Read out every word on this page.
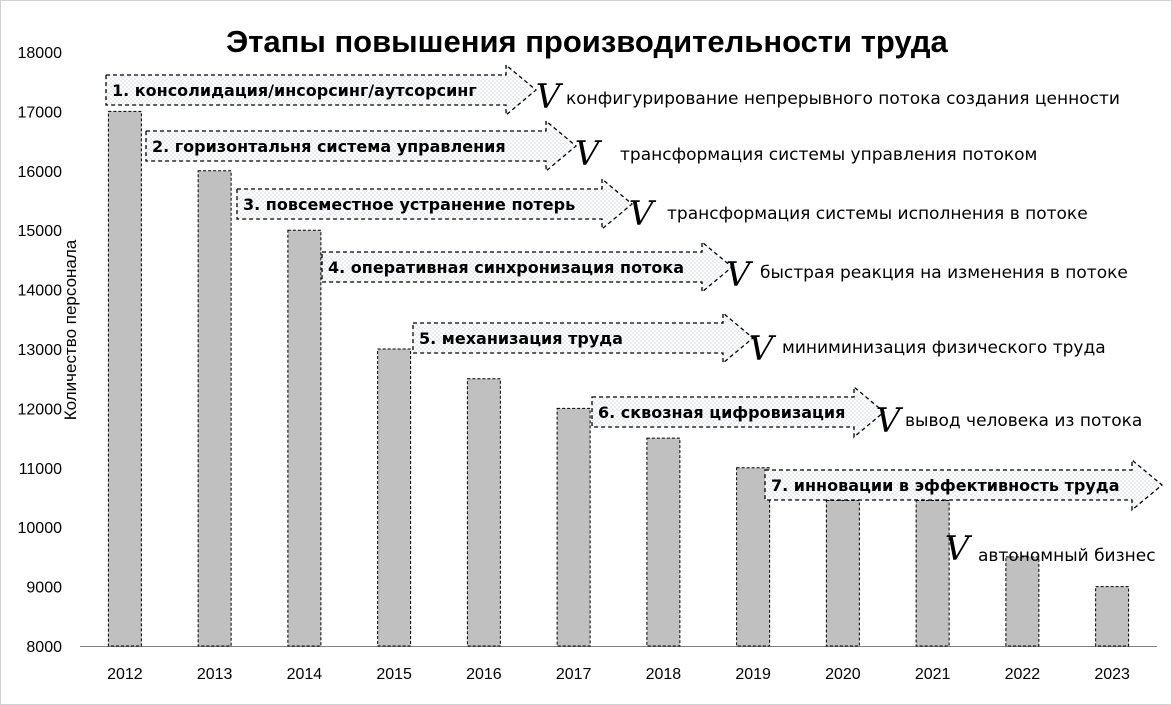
8000
9000
10000
11000
12000
13000
14000
15000
16000
17000
18000
2012	2013	2014	2015	2016	2017	2018	2019	2020	2021	2022	2023
1. консолидация/инсорсинг/аутсорсинг V конфигурирование непрерывного потока создания ценности
2. горизонтальня система управления V трансформация системы управления потоком
3. повсеместное устранение потерь V трансформация системы исполнения в потоке
4. оперативная синхронизация потока V быстрая реакция на изменения в потоке
5. механизация труда	V миниминизация физического труда
6. сквозная цифровизация V вывод человека из потока
7. инновации в эффективность труда
V автономный бизнес
Этапы повышения производительности труда
Количество персонала
